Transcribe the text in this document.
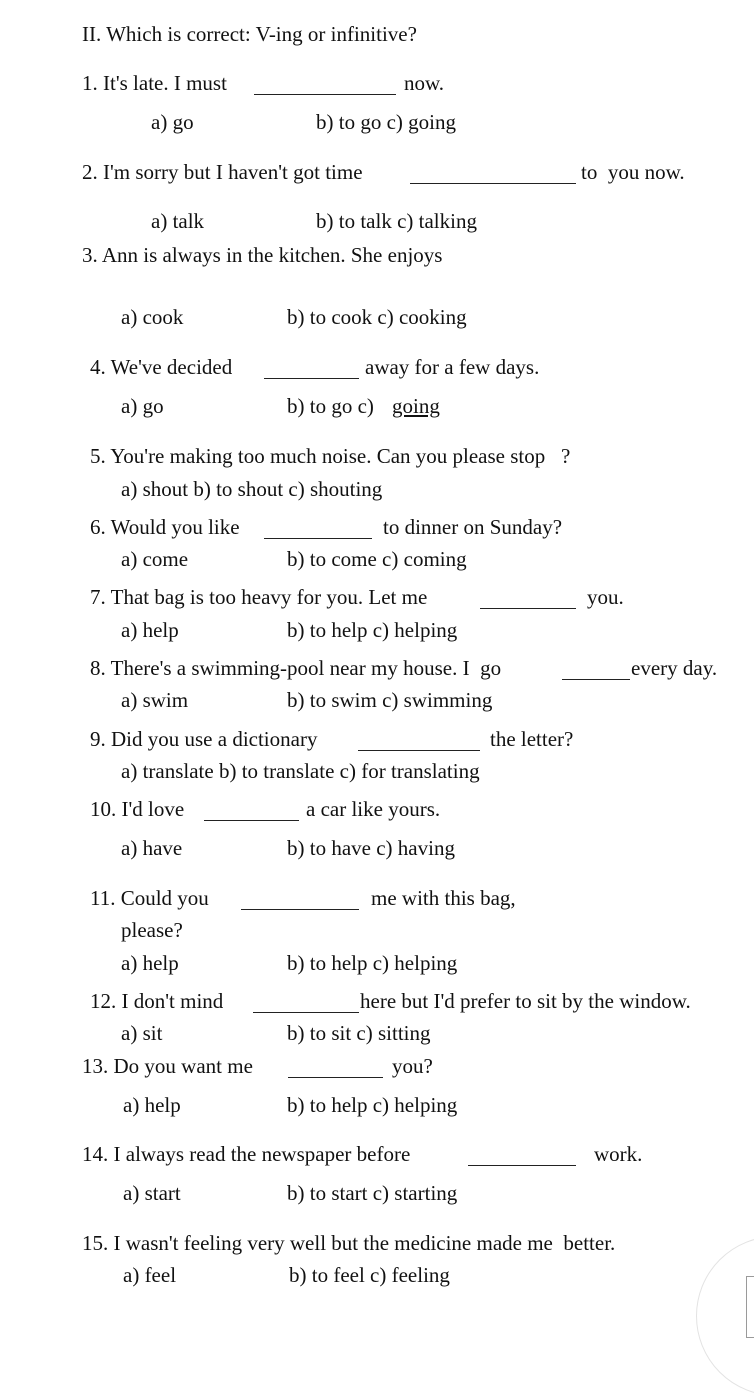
II. Which is correct: V-ing or infinitive?
1. It's late. I must	now.
a) go	b) to go c) going
2. I'm sorry but I haven't got time	to  you now.
a) talk	b) to talk c) talking
3. Ann is always in the kitchen. She enjoys
a) cook	b) to cook c) cooking
4. We've decided	away for a few days.
a) go	b) to go c) going
5. You're making too much noise. Can you please stop   ?
a) shout b) to shout c) shouting
6. Would you like	to dinner on Sunday?
a) come	b) to come c) coming
7. That bag is too heavy for you. Let me	you.
a) help	b) to help c) helping
8. There's a swimming-pool near my house. I  go	every day.
a) swim	b) to swim c) swimming
9. Did you use a dictionary	the letter?
a) translate b) to translate c) for translating
10. I'd love	a car like yours.
a) have	b) to have c) having
11. Could you	me with this bag,
please?
a) help	b) to help c) helping
12. I don't mind	here but I'd prefer to sit by the window.
a) sit	b) to sit c) sitting
13. Do you want me	you?
a) help	b) to help c) helping
14. I always read the newspaper before	work.
a) start	b) to start c) starting
15. I wasn't feeling very well but the medicine made me  better.
a) feel	b) to feel c) feeling
